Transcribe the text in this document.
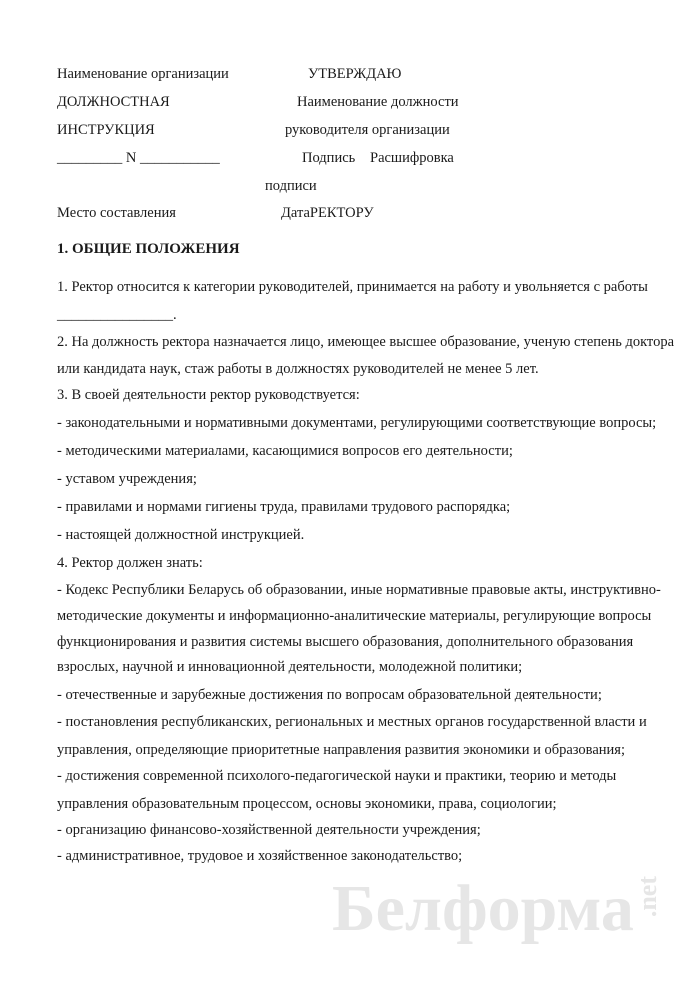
Белформа .net
Наименование организации	УТВЕРЖДАЮ
ДОЛЖНОСТНАЯ	Наименование должности
ИНСТРУКЦИЯ	руководителя организации
_________ N ___________	Подпись Расшифровка
подписи
Место составления	ДатаРЕКТОРУ
1. ОБЩИЕ ПОЛОЖЕНИЯ
1. Ректор относится к категории руководителей, принимается на работу и увольняется с работы
________________.
2. На должность ректора назначается лицо, имеющее высшее образование, ученую степень доктора
или кандидата наук, стаж работы в должностях руководителей не менее 5 лет.
3. В своей деятельности ректор руководствуется:
- законодательными и нормативными документами, регулирующими соответствующие вопросы;
- методическими материалами, касающимися вопросов его деятельности;
- уставом учреждения;
- правилами и нормами гигиены труда, правилами трудового распорядка;
- настоящей должностной инструкцией.
4. Ректор должен знать:
- Кодекс Республики Беларусь об образовании, иные нормативные правовые акты, инструктивно-
методические документы и информационно-аналитические материалы, регулирующие вопросы
функционирования и развития системы высшего образования, дополнительного образования
взрослых, научной и инновационной деятельности, молодежной политики;
- отечественные и зарубежные достижения по вопросам образовательной деятельности;
- постановления республиканских, региональных и местных органов государственной власти и
управления, определяющие приоритетные направления развития экономики и образования;
- достижения современной психолого-педагогической науки и практики, теорию и методы
управления образовательным процессом, основы экономики, права, социологии;
- организацию финансово-хозяйственной деятельности учреждения;
- административное, трудовое и хозяйственное законодательство;
